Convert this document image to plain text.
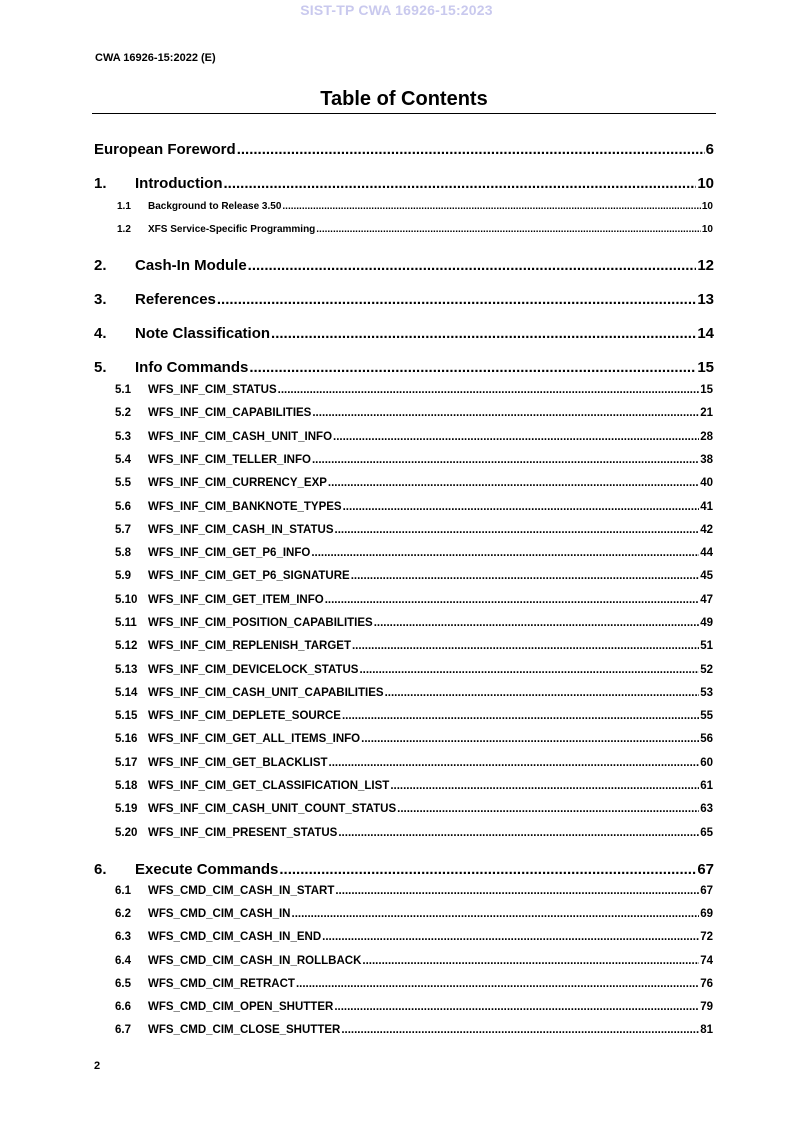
SIST-TP CWA 16926-15:2023
CWA 16926-15:2022 (E)
Table of Contents
European Foreword .....	6
1.	Introduction .....	10
1.1	Background to Release 3.50 .....	10
1.2	XFS Service-Specific Programming .....	10
2.	Cash-In Module .....	12
3.	References .....	13
4.	Note Classification .....	14
5.	Info Commands .....	15
5.1	WFS_INF_CIM_STATUS .....	15
5.2	WFS_INF_CIM_CAPABILITIES .....	21
5.3	WFS_INF_CIM_CASH_UNIT_INFO .....	28
5.4	WFS_INF_CIM_TELLER_INFO .....	38
5.5	WFS_INF_CIM_CURRENCY_EXP .....	40
5.6	WFS_INF_CIM_BANKNOTE_TYPES .....	41
5.7	WFS_INF_CIM_CASH_IN_STATUS .....	42
5.8	WFS_INF_CIM_GET_P6_INFO .....	44
5.9	WFS_INF_CIM_GET_P6_SIGNATURE .....	45
5.10 WFS_INF_CIM_GET_ITEM_INFO .....	47
5.11 WFS_INF_CIM_POSITION_CAPABILITIES .....	49
5.12 WFS_INF_CIM_REPLENISH_TARGET .....	51
5.13 WFS_INF_CIM_DEVICELOCK_STATUS .....	52
5.14 WFS_INF_CIM_CASH_UNIT_CAPABILITIES .....	53
5.15 WFS_INF_CIM_DEPLETE_SOURCE .....	55
5.16 WFS_INF_CIM_GET_ALL_ITEMS_INFO .....	56
5.17 WFS_INF_CIM_GET_BLACKLIST .....	60
5.18 WFS_INF_CIM_GET_CLASSIFICATION_LIST .....	61
5.19 WFS_INF_CIM_CASH_UNIT_COUNT_STATUS .....	63
5.20 WFS_INF_CIM_PRESENT_STATUS .....	65
6.	Execute Commands .....	67
6.1	WFS_CMD_CIM_CASH_IN_START .....	67
6.2	WFS_CMD_CIM_CASH_IN .....	69
6.3	WFS_CMD_CIM_CASH_IN_END .....	72
6.4	WFS_CMD_CIM_CASH_IN_ROLLBACK .....	74
6.5	WFS_CMD_CIM_RETRACT .....	76
6.6	WFS_CMD_CIM_OPEN_SHUTTER .....	79
6.7	WFS_CMD_CIM_CLOSE_SHUTTER .....	81
2
